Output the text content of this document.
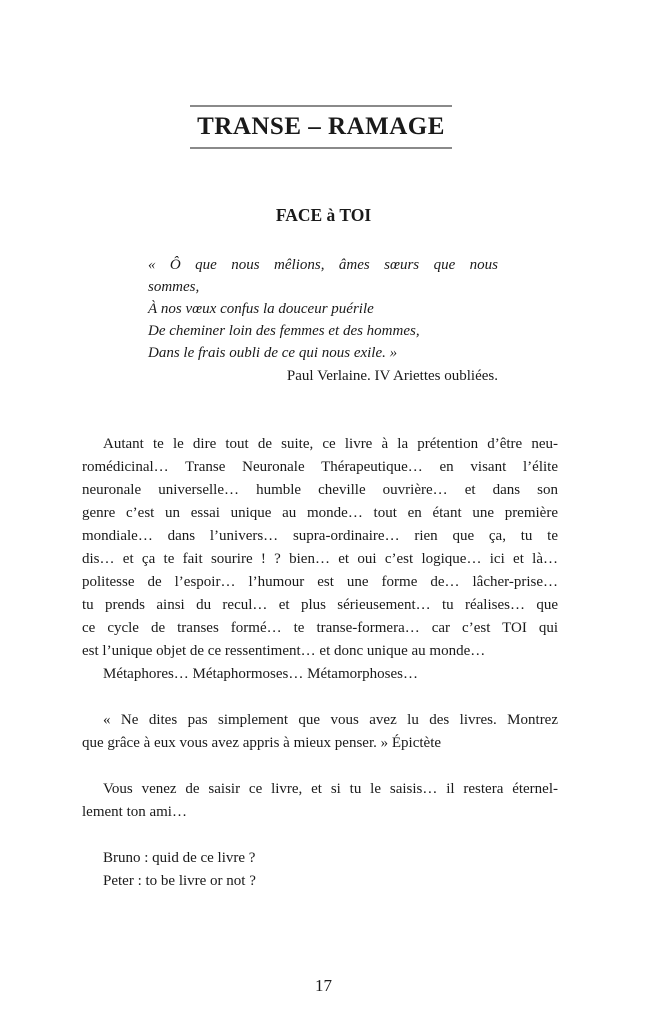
TRANSE – RAMAGE
FACE à TOI
« Ô que nous mêlions, âmes sœurs que nous
sommes,
À nos vœux confus la douceur puérile
De cheminer loin des femmes et des hommes,
Dans le frais oubli de ce qui nous exile. »
Paul Verlaine. IV Ariettes oubliées.
Autant te le dire tout de suite, ce livre à la prétention d’être neu-
romédicinal… Transe Neuronale Thérapeutique… en visant l’élite
neuronale universelle… humble cheville ouvrière… et dans son
genre c’est un essai unique au monde… tout en étant une première
mondiale… dans l’univers… supra-ordinaire… rien que ça, tu te
dis… et ça te fait sourire ! ? bien… et oui c’est logique… ici et là…
politesse de l’espoir… l’humour est une forme de… lâcher-prise…
tu prends ainsi du recul… et plus sérieusement… tu réalises… que
ce cycle de transes formé… te transe-formera… car c’est TOI qui
est l’unique objet de ce ressentiment… et donc unique au monde…
Métaphores… Métaphormoses… Métamorphoses…
« Ne dites pas simplement que vous avez lu des livres. Montrez
que grâce à eux vous avez appris à mieux penser. » Épictète
Vous venez de saisir ce livre, et si tu le saisis… il restera éternel-
lement ton ami…
Bruno : quid de ce livre ?
Peter : to be livre or not ?
17
